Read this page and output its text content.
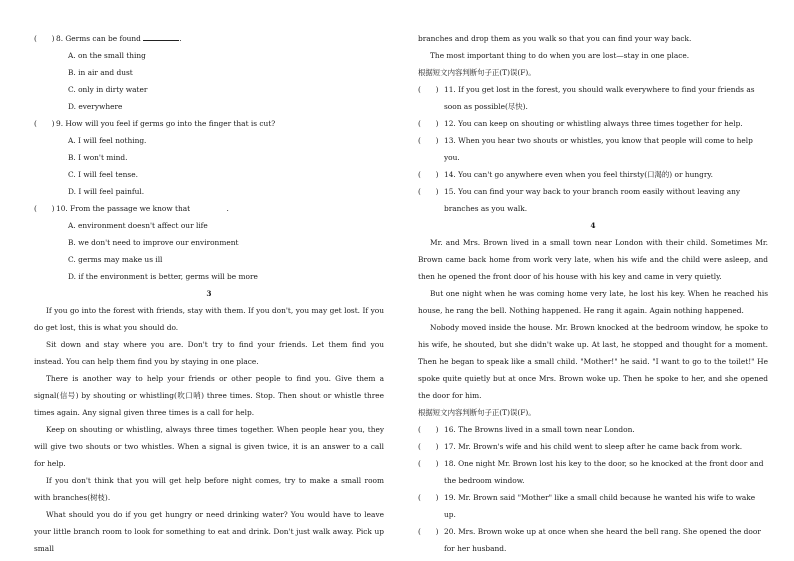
(　　) 8. Germs can be found	.
A. on the small thing
B. in air and dust
C. only in dirty water
D. everywhere
(　　) 9. How will you feel if germs go into the finger that is cut?
A. I will feel nothing.
B. I won't mind.
C. I will feel tense.
D. I will feel painful.
(　　) 10. From the passage we know that	.
A. environment doesn't affect our life
B. we don't need to improve our environment
C. germs may make us ill
D. if the environment is better, germs will be more
3
If you go into the forest with friends, stay with them. If you don't, you may get lost. If you do get lost, this is what you should do.
Sit down and stay where you are. Don't try to find your friends. Let them find you instead. You can help them find you by staying in one place.
There is another way to help your friends or other people to find you. Give them a signal(信号) by shouting or whistling(吹口哨) three times. Stop. Then shout or whistle three times again. Any signal given three times is a call for help.
Keep on shouting or whistling, always three times together. When people hear you, they will give two shouts or two whistles. When a signal is given twice, it is an answer to a call for help.
If you don't think that you will get help before night comes, try to make a small room with branches(树枝).
What should you do if you get hungry or need drinking water? You would have to leave your little branch room to look for something to eat and drink. Don't just walk away. Pick up small
branches and drop them as you walk so that you can find your way back.
The most important thing to do when you are lost—stay in one place.
根据短文内容判断句子正(T)误(F)。
(　　) 11. If you get lost in the forest, you should walk everywhere to find your friends as soon as possible(尽快).
(　　) 12. You can keep on shouting or whistling always three times together for help.
(　　) 13. When you hear two shouts or whistles, you know that people will come to help you.
(　　) 14. You can't go anywhere even when you feel thirsty(口渴的) or hungry.
(　　) 15. You can find your way back to your branch room easily without leaving any branches as you walk.
4
Mr. and Mrs. Brown lived in a small town near London with their child. Sometimes Mr. Brown came back home from work very late, when his wife and the child were asleep, and then he opened the front door of his house with his key and came in very quietly.
But one night when he was coming home very late, he lost his key. When he reached his house, he rang the bell. Nothing happened. He rang it again. Again nothing happened.
Nobody moved inside the house. Mr. Brown knocked at the bedroom window, he spoke to his wife, he shouted, but she didn't wake up. At last, he stopped and thought for a moment. Then he began to speak like a small child. "Mother!" he said. "I want to go to the toilet!" He spoke quite quietly but at once Mrs. Brown woke up. Then he spoke to her, and she opened the door for him.
根据短文内容判断句子正(T)误(F)。
(　　) 16. The Browns lived in a small town near London.
(　　) 17. Mr. Brown's wife and his child went to sleep after he came back from work.
(　　) 18. One night Mr. Brown lost his key to the door, so he knocked at the front door and the bedroom window.
(　　) 19. Mr. Brown said "Mother" like a small child because he wanted his wife to wake up.
(　　) 20. Mrs. Brown woke up at once when she heard the bell rang. She opened the door for her husband.
